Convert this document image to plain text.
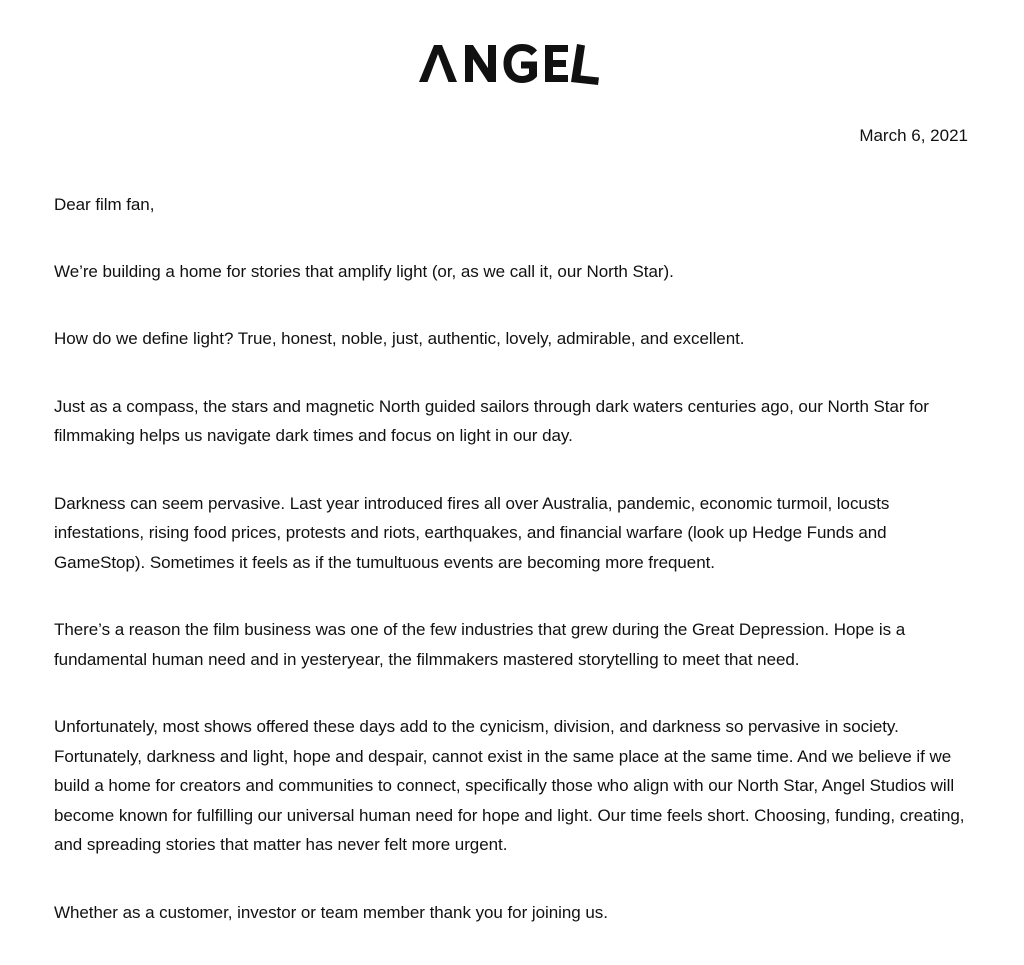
March 6, 2021

Dear film fan,

We’re building a home for stories that amplify light (or, as we call it, our North Star).

How do we define light? True, honest, noble, just, authentic, lovely, admirable, and excellent.

Just as a compass, the stars and magnetic North guided sailors through dark waters centuries ago, our North Star for filmmaking helps us navigate dark times and focus on light in our day.

Darkness can seem pervasive. Last year introduced fires all over Australia, pandemic, economic turmoil, locusts infestations, rising food prices, protests and riots, earthquakes, and financial warfare (look up Hedge Funds and GameStop). Sometimes it feels as if the tumultuous events are becoming more frequent.

There’s a reason the film business was one of the few industries that grew during the Great Depression. Hope is a fundamental human need and in yesteryear, the filmmakers mastered storytelling to meet that need.

Unfortunately, most shows offered these days add to the cynicism, division, and darkness so pervasive in society. Fortunately, darkness and light, hope and despair, cannot exist in the same place at the same time. And we believe if we build a home for creators and communities to connect, specifically those who align with our North Star, Angel Studios will become known for fulfilling our universal human need for hope and light. Our time feels short. Choosing, funding, creating, and spreading stories that matter has never felt more urgent.

Whether as a customer, investor or team member thank you for joining us.
